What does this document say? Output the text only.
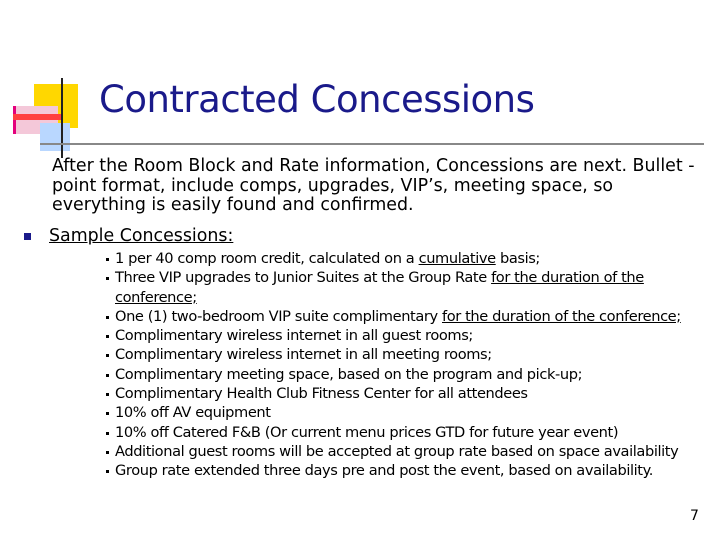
Contracted Concessions
After the Room Block and Rate information, Concessions are next. Bullet -point format, include comps, upgrades, VIP’s, meeting space, so everything is easily found and confirmed.
Sample Concessions:
1 per 40 comp room credit, calculated on a cumulative basis;
Three VIP upgrades to Junior Suites at the Group Rate for the duration of the conference;
One (1) two-bedroom VIP suite complimentary for the duration of the conference;
Complimentary wireless internet in all guest rooms;
Complimentary wireless internet in all meeting rooms;
Complimentary meeting space, based on the program and pick-up;
Complimentary Health Club Fitness Center for all attendees
10% off AV equipment
10% off Catered F&B (Or current menu prices GTD for future year event)
Additional guest rooms will be accepted at group rate based on space availability
Group rate extended three days pre and post the event, based on availability.
7
